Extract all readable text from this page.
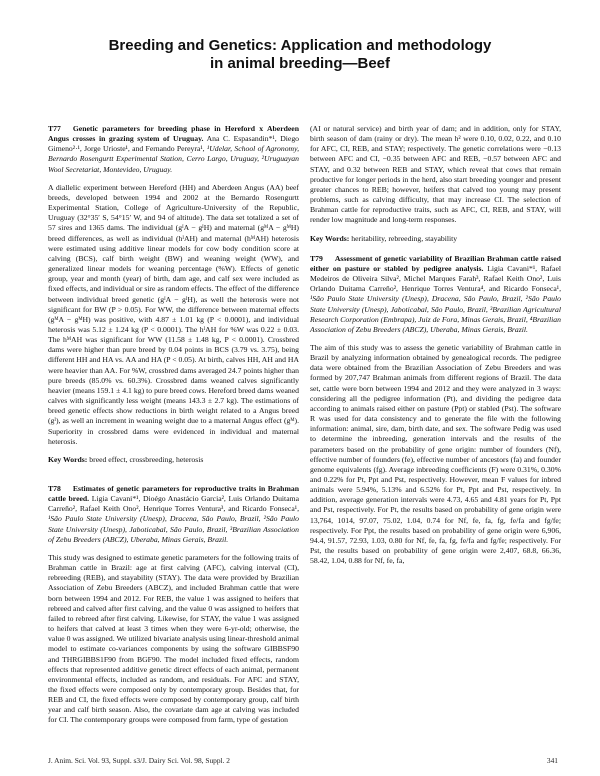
Breeding and Genetics: Application and methodology
in animal breeding—Beef
T77 Genetic parameters for breeding phase in Hereford x Aberdeen Angus crosses in grazing system of Uruguay. Ana C. Espasandin*¹, Diego Gimeno²·¹, Jorge Urioste¹, and Fernando Pereyra¹, ¹Udelar, School of Agronomy, Bernardo Rosengurtt Experimental Station, Cerro Largo, Uruguay, ²Uruguayan Wool Secretariat, Montevideo, Uruguay.
A diallelic experiment between Hereford (HH) and Aberdeen Angus (AA) beef breeds, developed between 1994 and 2002 at the Bernardo Rosengurtt Experimental Station, College of Agriculture-University of the Republic, Uruguay (32°35′ S, 54°15′ W, and 94 of altitude). The data set totalized a set of 57 sires and 1365 dams. The individual (gᴵA − gᴵH) and maternal (gᴹA − gᴹH) breed differences, as well as individual (hᴵAH) and maternal (hᴹAH) heterosis were estimated using additive linear models for cow body condition score at calving (BCS), calf birth weight (BW) and weaning weight (WW), and generalized linear models for weaning percentage (%W). Effects of genetic group, year and month (year) of birth, dam age, and calf sex were included as fixed effects, and individual or sire as random effects. The effect of the difference between individual breed genetic (gᴵA − gᴵH), as well the heterosis were not significant for BW (P > 0.05). For WW, the difference between maternal effects (gᴹA − gᴹH) was positive, with 4.87 ± 1.01 kg (P < 0.0001), and individual heterosis was 5.12 ± 1.24 kg (P < 0.0001). The hᴵAH for %W was 0.22 ± 0.03. The hᴹAH was significant for WW (11.58 ± 1.48 kg, P < 0.0001). Crossbred dams were higher than pure breed by 0.04 points in BCS (3.79 vs. 3.75), being different HH and HA vs. AA and HA (P < 0.05). At birth, calves HH, AH and HA were heavier than AA. For %W, crossbred dams averaged 24.7 points higher than pure breeds (85.0% vs. 60.3%). Crossbred dams weaned calves significantly heavier (means 159.1 ± 4.1 kg) to pure breed cows. Hereford breed dams weaned calves with significantly less weight (means 143.3 ± 2.7 kg). The estimations of breed genetic effects show reductions in birth weight related to a Angus breed (gᴵ), as well an increment in weaning weight due to a maternal Angus effect (gᴹ). Superiority in crossbred dams were evidenced in individual and maternal heterosis.
Key Words: breed effect, crossbreeding, heterosis
T78 Estimates of genetic parameters for reproductive traits in Brahman cattle breed. Ligia Cavani*¹, Dioégo Anastácio Garcia², Luis Orlando Duitama Carreño², Rafael Keith Ono², Henrique Torres Ventura³, and Ricardo Fonseca¹, ¹São Paulo State University (Unesp), Dracena, São Paulo, Brazil, ²São Paulo State University (Unesp), Jaboticabal, São Paulo, Brazil, ³Brazilian Association of Zebu Breeders (ABCZ), Uberaba, Minas Gerais, Brazil.
This study was designed to estimate genetic parameters for the following traits of Brahman cattle in Brazil: age at first calving (AFC), calving interval (CI), rebreeding (REB), and stayability (STAY). The data were provided by Brazilian Association of Zebu Breeders (ABCZ), and included Brahman cattle that were born between 1994 and 2012. For REB, the value 1 was assigned to heifers that rebreed and calved after first calving, and the value 0 was assigned to heifers that failed to rebreed after first calving. Likewise, for STAY, the value 1 was assigned to heifers that calved at least 3 times when they were 6-yr-old; otherwise, the value 0 was assigned. We utilized bivariate analysis using linear-threshold animal model to estimate co-variances components by using the software GIBBSF90 and THRGIBBS1F90 from BGF90. The model included fixed effects, random effects that represented additive genetic direct effects of each animal, permanent environmental effects, included as random, and residuals. For AFC and STAY, the fixed effects were composed only by contemporary group. Besides that, for REB and CI, the fixed effects were composed by contemporary group, calf birth year and calf birth season. Also, the covariate dam age at calving was included for CI. The contemporary groups were composed from farm, type of gestation
(AI or natural service) and birth year of dam; and in addition, only for STAY, birth season of dam (rainy or dry). The mean h² were 0.10, 0.02, 0.22, and 0.10 for AFC, CI, REB, and STAY; respectively. The genetic correlations were −0.13 between AFC and CI, −0.35 between AFC and REB, −0.57 between AFC and STAY, and 0.32 between REB and STAY, which reveal that cows that remain productive for longer periods in the herd, also start breeding younger and present greater chances to REB; however, heifers that calved too young may present problems, such as calving difficulty, that may increase CI. The selection of Brahman cattle for reproductive traits, such as AFC, CI, REB, and STAY, will render low magnitude and long-term responses.
Key Words: heritability, rebreeding, stayability
T79 Assessment of genetic variability of Brazilian Brahman cattle raised either on pasture or stabled by pedigree analysis. Ligia Cavani*¹, Rafael Medeiros de Oliveira Silva², Michel Marques Farah³, Rafael Keith Ono², Luis Orlando Duitama Carreño², Henrique Torres Ventura⁴, and Ricardo Fonseca¹, ¹São Paulo State University (Unesp), Dracena, São Paulo, Brazil, ²São Paulo State University (Unesp), Jaboticabal, São Paulo, Brazil, ³Brazilian Agricultural Research Corporation (Embrapa), Juiz de Fora, Minas Gerais, Brazil, ⁴Brazilian Association of Zebu Breeders (ABCZ), Uberaba, Minas Gerais, Brazil.
The aim of this study was to assess the genetic variability of Brahman cattle in Brazil by analyzing information obtained by genealogical records. The pedigree data were obtained from the Brazilian Association of Zebu Breeders and was formed by 207,747 Brahman animals from different regions of Brazil. The data set, cattle were born between 1994 and 2012 and they were analyzed in 3 ways: considering all the pedigree information (Pt), and dividing the pedigree data according to animals raised either on pasture (Ppt) or stabled (Pst). The software R was used for data consistency and to generate the file with the following information: animal, sire, dam, birth date, and sex. The software Pedig was used to determine the inbreeding, generation intervals and the results of the parameters based on the probability of gene origin: number of founders (Nf), effective number of founders (fe), effective number of ancestors (fa) and founder genome equivalents (fg). Average inbreeding coefficients (F) were 0.31%, 0.30% and 0.22% for Pt, Ppt and Pst, respectively. However, mean F values for inbred animals were 5.94%, 5.13% and 6.52% for Pt, Ppt and Pst, respectively. In addition, average generation intervals were 4.73, 4.65 and 4.81 years for Pt, Ppt and Pst, respectively. For Pt, the results based on probability of gene origin were 13,764, 1014, 97.07, 75.02, 1.04, 0.74 for Nf, fe, fa, fg, fe/fa and fg/fe; respectively. For Ppt, the results based on probability of gene origin were 6,906, 94.4, 91.57, 72.93, 1.03, 0.80 for Nf, fe, fa, fg, fe/fa and fg/fe; respectively. For Pst, the results based on probability of gene origin were 2,407, 68.8, 66.36, 58.42, 1.04, 0.88 for Nf, fe, fa,
J. Anim. Sci. Vol. 93, Suppl. s3/J. Dairy Sci. Vol. 98, Suppl. 2	341
